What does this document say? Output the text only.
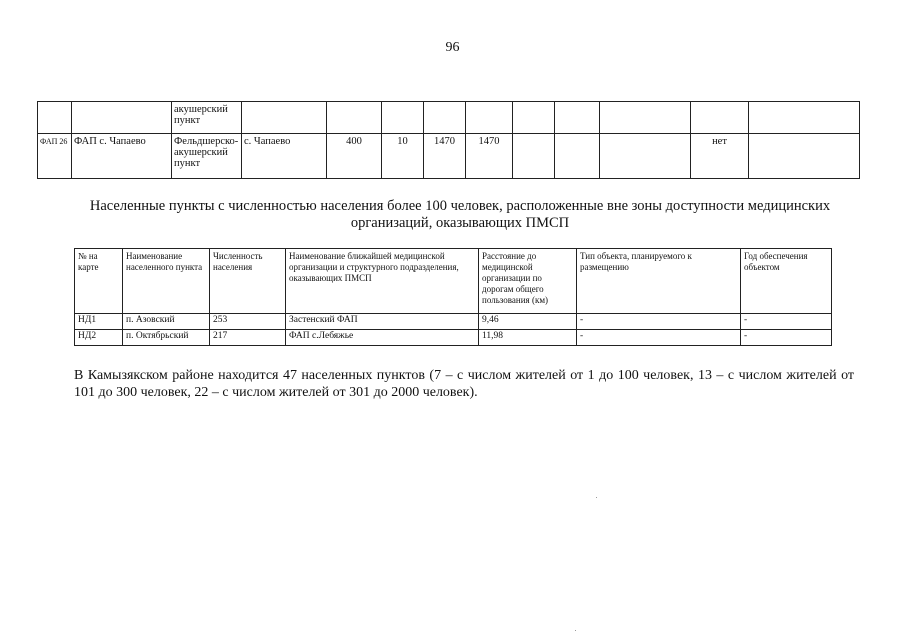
96
		акушерский пункт										
ФАП 26	ФАП с. Чапаево	Фельдшерско-акушерский пункт	с. Чапаево	400	10	1470	1470				нет	
Населенные пункты с численностью населения более 100 человек, расположенные вне зоны доступности медицинских организаций, оказывающих ПМСП
№ на карте	Наименование населенного пункта	Численность населения	Наименование ближайшей медицинской организации и структурного подразделения, оказывающих ПМСП	Расстояние до медицинской организации по дорогам общего пользования (км)	Тип объекта, планируемого к размещению	Год обеспечения объектом
НД1	п. Азовский	253	Застенский ФАП	9,46	-	-
НД2	п. Октябрьский	217	ФАП с.Лебяжье	11,98	-	-
В Камызякском районе находится 47 населенных пунктов (7 – с числом жителей от 1 до 100 человек, 13 – с числом жителей от 101 до 300 человек, 22 – с числом жителей от 301 до 2000 человек).
